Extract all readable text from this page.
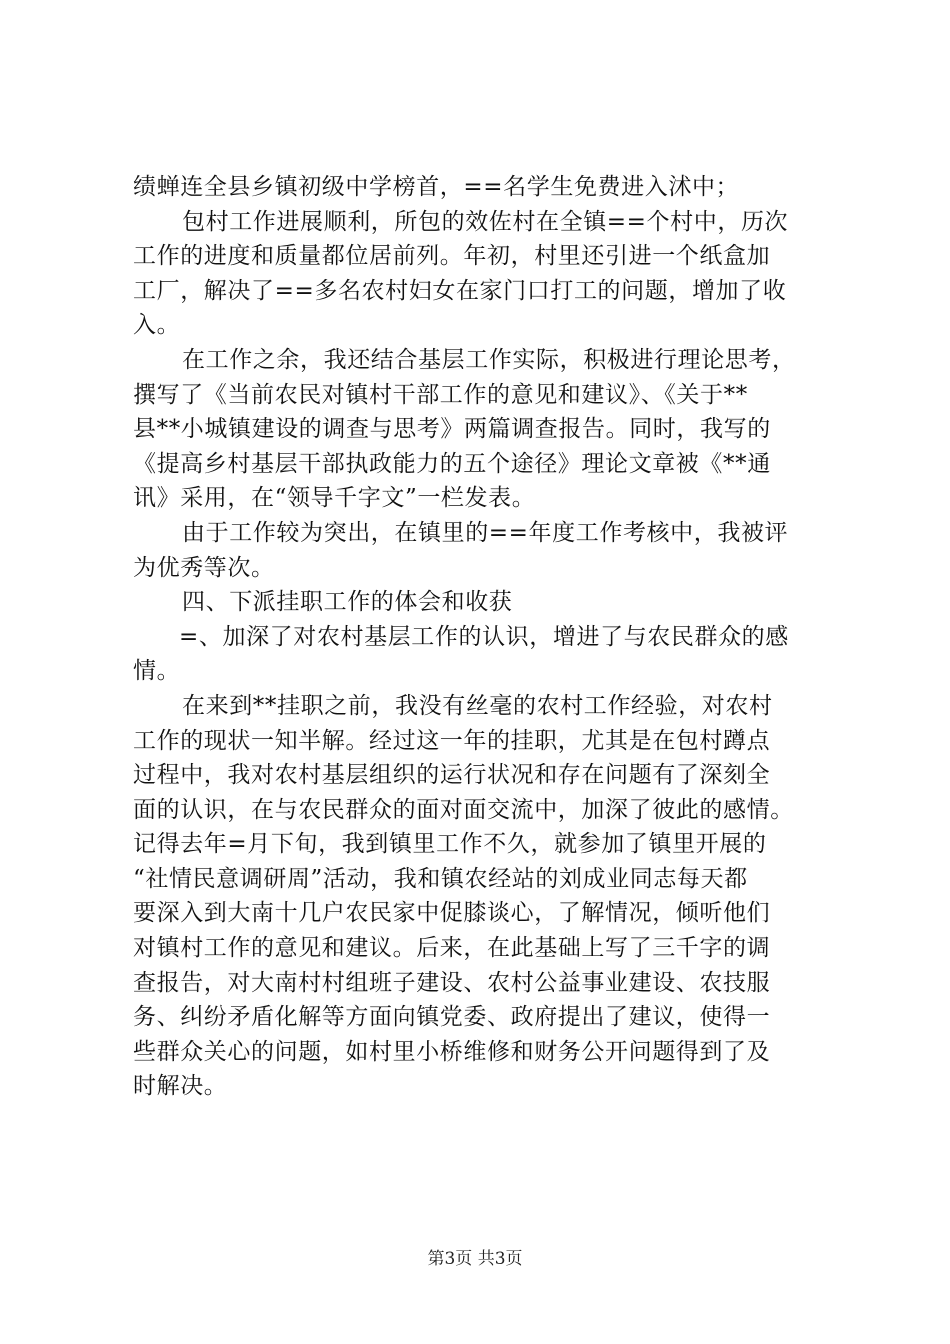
绩蝉连全县乡镇初级中学榜首，==名学生免费进入沭中；
包村工作进展顺利，所包的效佐村在全镇==个村中，历次
工作的进度和质量都位居前列。年初，村里还引进一个纸盒加
工厂，解决了==多名农村妇女在家门口打工的问题，增加了收
入。
在工作之余，我还结合基层工作实际，积极进行理论思考，
撰写了《当前农民对镇村干部工作的意见和建议》、《关于**
县**小城镇建设的调查与思考》两篇调查报告。同时，我写的
《提高乡村基层干部执政能力的五个途径》理论文章被《**通
讯》采用，在“领导千字文”一栏发表。
由于工作较为突出，在镇里的==年度工作考核中，我被评
为优秀等次。
四、下派挂职工作的体会和收获
=、加深了对农村基层工作的认识，增进了与农民群众的感
情。
在来到**挂职之前，我没有丝毫的农村工作经验，对农村
工作的现状一知半解。经过这一年的挂职，尤其是在包村蹲点
过程中，我对农村基层组织的运行状况和存在问题有了深刻全
面的认识，在与农民群众的面对面交流中，加深了彼此的感情。
记得去年=月下旬，我到镇里工作不久，就参加了镇里开展的
“社情民意调研周”活动，我和镇农经站的刘成业同志每天都
要深入到大南十几户农民家中促膝谈心，了解情况，倾听他们
对镇村工作的意见和建议。后来，在此基础上写了三千字的调
查报告，对大南村村组班子建设、农村公益事业建设、农技服
务、纠纷矛盾化解等方面向镇党委、政府提出了建议，使得一
些群众关心的问题，如村里小桥维修和财务公开问题得到了及
时解决。
第3页 共3页
